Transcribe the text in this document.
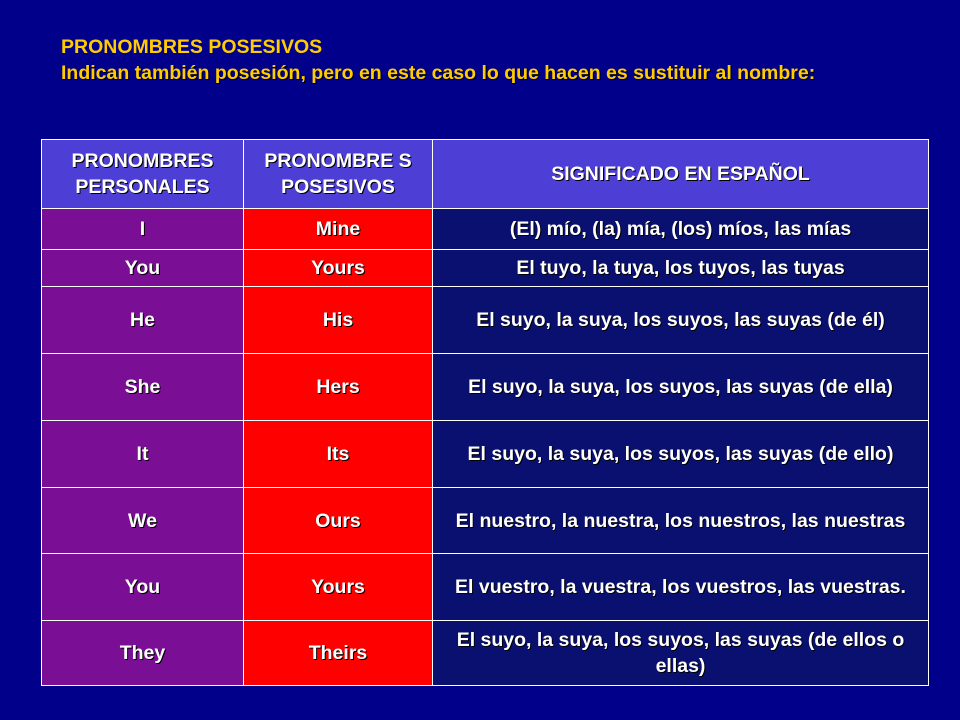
PRONOMBRES POSESIVOS
Indican también posesión, pero en este caso lo que hacen es sustituir al nombre:
PRONOMBRES PERSONALES	PRONOMBRE S POSESIVOS	SIGNIFICADO EN ESPAÑOL
I	Mine	(El) mío, (la) mía, (los) míos, las mías
You	Yours	El tuyo, la tuya, los tuyos, las tuyas
He	His	El suyo, la suya, los suyos, las suyas (de él)
She	Hers	El suyo, la suya, los suyos, las suyas (de ella)
It	Its	El suyo, la suya, los suyos, las suyas (de ello)
We	Ours	El nuestro, la nuestra, los nuestros, las nuestras
You	Yours	El vuestro, la vuestra, los vuestros, las vuestras.
They	Theirs	El suyo, la suya, los suyos, las suyas (de ellos o ellas)
